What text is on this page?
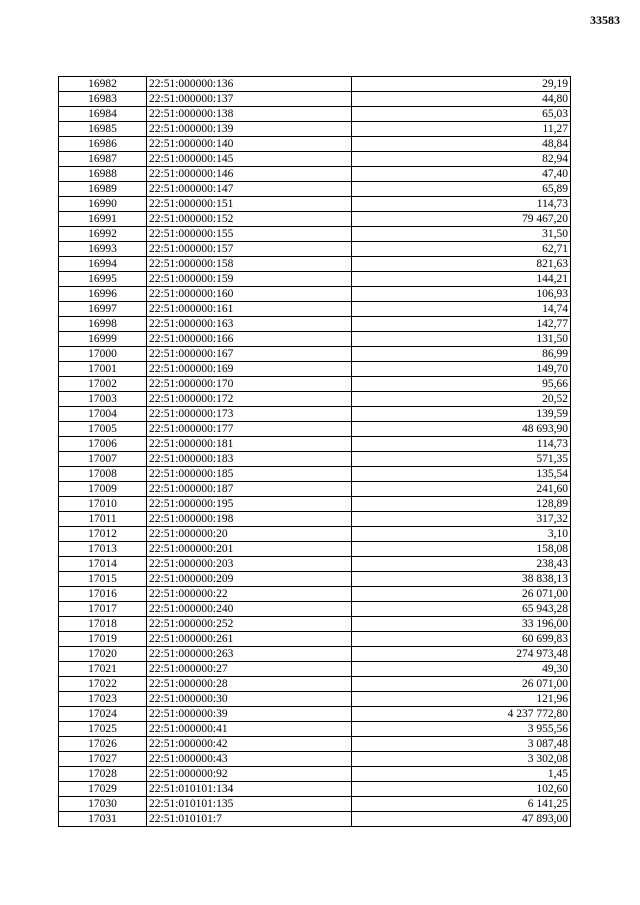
33583
16982	22:51:000000:136	29,19
16983	22:51:000000:137	44,80
16984	22:51:000000:138	65,03
16985	22:51:000000:139	11,27
16986	22:51:000000:140	48,84
16987	22:51:000000:145	82,94
16988	22:51:000000:146	47,40
16989	22:51:000000:147	65,89
16990	22:51:000000:151	114,73
16991	22:51:000000:152	79 467,20
16992	22:51:000000:155	31,50
16993	22:51:000000:157	62,71
16994	22:51:000000:158	821,63
16995	22:51:000000:159	144,21
16996	22:51:000000:160	106,93
16997	22:51:000000:161	14,74
16998	22:51:000000:163	142,77
16999	22:51:000000:166	131,50
17000	22:51:000000:167	86,99
17001	22:51:000000:169	149,70
17002	22:51:000000:170	95,66
17003	22:51:000000:172	20,52
17004	22:51:000000:173	139,59
17005	22:51:000000:177	48 693,90
17006	22:51:000000:181	114,73
17007	22:51:000000:183	571,35
17008	22:51:000000:185	135,54
17009	22:51:000000:187	241,60
17010	22:51:000000:195	128,89
17011	22:51:000000:198	317,32
17012	22:51:000000:20	3,10
17013	22:51:000000:201	158,08
17014	22:51:000000:203	238,43
17015	22:51:000000:209	38 838,13
17016	22:51:000000:22	26 071,00
17017	22:51:000000:240	65 943,28
17018	22:51:000000:252	33 196,00
17019	22:51:000000:261	60 699,83
17020	22:51:000000:263	274 973,48
17021	22:51:000000:27	49,30
17022	22:51:000000:28	26 071,00
17023	22:51:000000:30	121,96
17024	22:51:000000:39	4 237 772,80
17025	22:51:000000:41	3 955,56
17026	22:51:000000:42	3 087,48
17027	22:51:000000:43	3 302,08
17028	22:51:000000:92	1,45
17029	22:51:010101:134	102,60
17030	22:51:010101:135	6 141,25
17031	22:51:010101:7	47 893,00
